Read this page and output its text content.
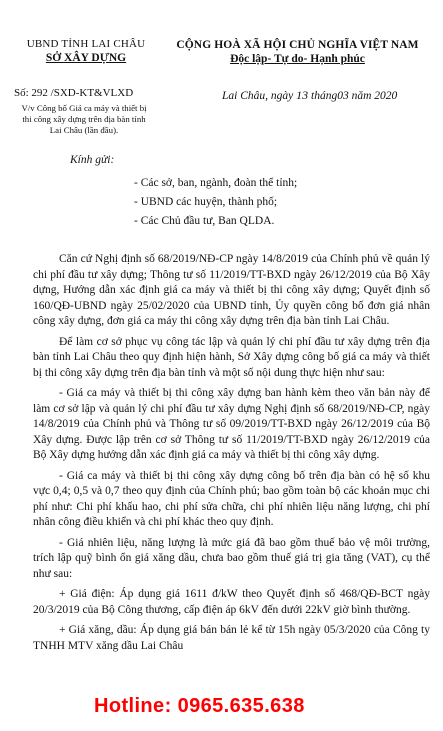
UBND TỈNH LAI CHÂU
SỞ XÂY DỰNG
CỘNG HOÀ XÃ HỘI CHỦ NGHĨA VIỆT NAM
Độc lập- Tự do- Hạnh phúc
Số: 292 /SXD-KT&VLXD
V/v Công bố Giá ca máy và thiết bị thi công xây dựng trên địa bàn tỉnh Lai Châu (lần đầu).
Lai Châu, ngày 13 tháng03 năm 2020
Kính gửi:
- Các sở, ban, ngành, đoàn thể tỉnh;
- UBND các huyện, thành phố;
- Các Chủ đầu tư, Ban QLDA.

Căn cứ Nghị định số 68/2019/NĐ-CP ngày 14/8/2019 của Chính phủ về quản lý chi phí đầu tư xây dựng; Thông tư số 11/2019/TT-BXD ngày 26/12/2019 của Bộ Xây dựng, Hướng dẫn xác định giá ca máy và thiết bị thi công xây dựng; Quyết định số 160/QĐ-UBND ngày 25/02/2020 của UBND tỉnh, Ủy quyền công bố đơn giá nhân công xây dựng, đơn giá ca máy thi công xây dựng trên địa bàn tỉnh Lai Châu.

Để làm cơ sở phục vụ công tác lập và quản lý chi phí đầu tư xây dựng trên địa bàn tỉnh Lai Châu theo quy định hiện hành, Sở Xây dựng công bố giá ca máy và thiết bị thi công xây dựng trên địa bàn tỉnh và một số nội dung thực hiện như sau:

- Giá ca máy và thiết bị thi công xây dựng ban hành kèm theo văn bản này để làm cơ sở lập và quản lý chi phí đầu tư xây dựng Nghị định số 68/2019/NĐ-CP, ngày 14/8/2019 của Chính phủ và Thông tư số 09/2019/TT-BXD ngày 26/12/2019 của Bộ Xây dựng. Được lập trên cơ sở Thông tư số 11/2019/TT-BXD ngày 26/12/2019 của Bộ Xây dựng hướng dẫn xác định giá ca máy và thiết bị thi công xây dựng.

- Giá ca máy và thiết bị thi công xây dựng công bố trên địa bàn có hệ số khu vực 0,4; 0,5 và 0,7 theo quy định của Chính phủ; bao gồm toàn bộ các khoản mục chi phí như: Chi phí khấu hao, chi phí sửa chữa, chi phí nhiên liệu năng lượng, chi phí nhân công điều khiển và chi phí khác theo quy định.

- Giá nhiên liệu, năng lượng là mức giá đã bao gồm thuế bảo vệ môi trường, trích lập quỹ bình ổn giá xăng dầu, chưa bao gồm thuế giá trị gia tăng (VAT), cụ thể như sau:

+ Giá điện: Áp dụng giá 1611 đ/kW theo Quyết định số 468/QĐ-BCT ngày 20/3/2019 của Bộ Công thương, cấp điện áp 6kV đến dưới 22kV giờ bình thường.

+ Giá xăng, dầu: Áp dụng giá bán bán lẻ kể từ 15h ngày 05/3/2020 của Công ty TNHH MTV xăng dầu Lai Châu

Hotline: 0965.635.638
